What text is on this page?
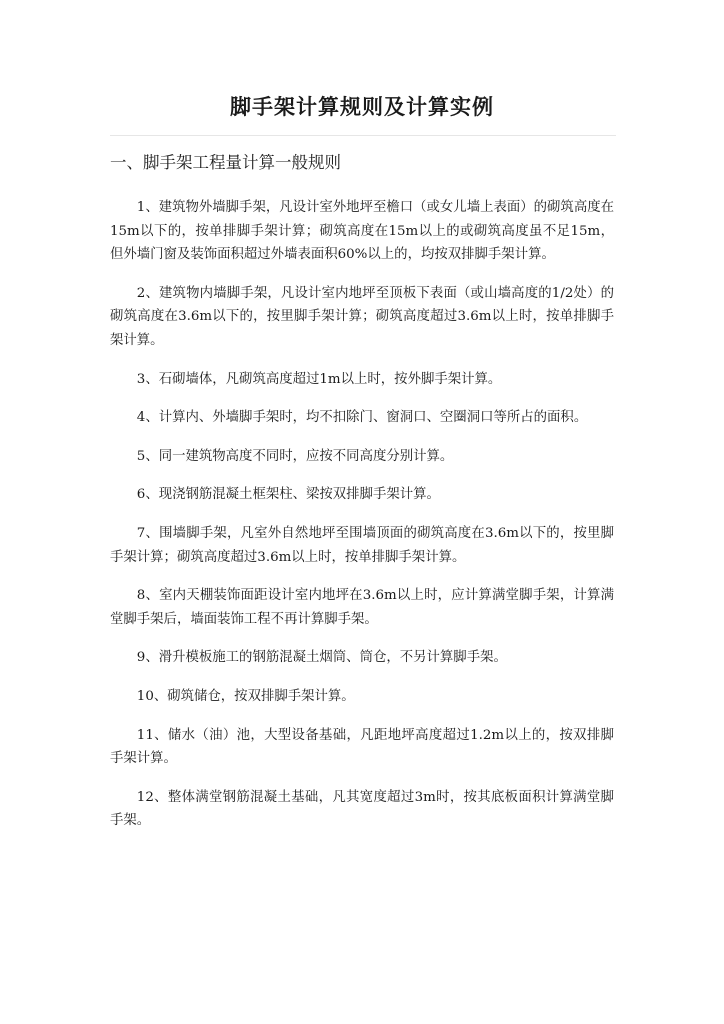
脚手架计算规则及计算实例
一、脚手架工程量计算一般规则

1、建筑物外墙脚手架，凡设计室外地坪至檐口（或女儿墙上表面）的砌筑高度在15m以下的，按单排脚手架计算；砌筑高度在15m以上的或砌筑高度虽不足15m，但外墙门窗及装饰面积超过外墙表面积60%以上的，均按双排脚手架计算。

2、建筑物内墙脚手架，凡设计室内地坪至顶板下表面（或山墙高度的1/2处）的砌筑高度在3.6m以下的，按里脚手架计算；砌筑高度超过3.6m以上时，按单排脚手架计算。

3、石砌墙体，凡砌筑高度超过1m以上时，按外脚手架计算。

4、计算内、外墙脚手架时，均不扣除门、窗洞口、空圈洞口等所占的面积。

5、同一建筑物高度不同时，应按不同高度分别计算。

6、现浇钢筋混凝土框架柱、梁按双排脚手架计算。

7、围墙脚手架，凡室外自然地坪至围墙顶面的砌筑高度在3.6m以下的，按里脚手架计算；砌筑高度超过3.6m以上时，按单排脚手架计算。

8、室内天棚装饰面距设计室内地坪在3.6m以上时，应计算满堂脚手架，计算满堂脚手架后，墙面装饰工程不再计算脚手架。

9、滑升模板施工的钢筋混凝土烟筒、筒仓，不另计算脚手架。

10、砌筑储仓，按双排脚手架计算。

11、储水（油）池，大型设备基础，凡距地坪高度超过1.2m以上的，按双排脚手架计算。

12、整体满堂钢筋混凝土基础，凡其宽度超过3m时，按其底板面积计算满堂脚手架。
